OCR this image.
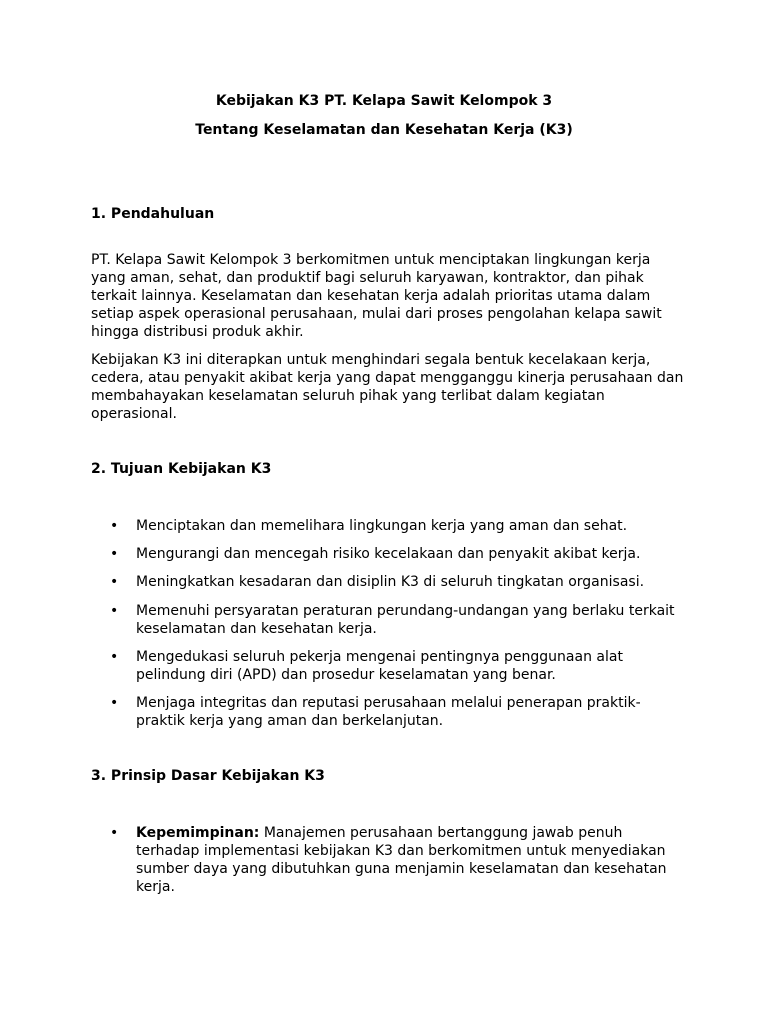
Kebijakan K3 PT. Kelapa Sawit Kelompok 3

Tentang Keselamatan dan Kesehatan Kerja (K3)

1. Pendahuluan

PT. Kelapa Sawit Kelompok 3 berkomitmen untuk menciptakan lingkungan kerja
yang aman, sehat, dan produktif bagi seluruh karyawan, kontraktor, dan pihak
terkait lainnya. Keselamatan dan kesehatan kerja adalah prioritas utama dalam
setiap aspek operasional perusahaan, mulai dari proses pengolahan kelapa sawit
hingga distribusi produk akhir.
Kebijakan K3 ini diterapkan untuk menghindari segala bentuk kecelakaan kerja,
cedera, atau penyakit akibat kerja yang dapat mengganggu kinerja perusahaan dan
membahayakan keselamatan seluruh pihak yang terlibat dalam kegiatan
operasional.

2. Tujuan Kebijakan K3

• Menciptakan dan memelihara lingkungan kerja yang aman dan sehat.
• Mengurangi dan mencegah risiko kecelakaan dan penyakit akibat kerja.
• Meningkatkan kesadaran dan disiplin K3 di seluruh tingkatan organisasi.
• Memenuhi persyaratan peraturan perundang-undangan yang berlaku terkait
keselamatan dan kesehatan kerja.
• Mengedukasi seluruh pekerja mengenai pentingnya penggunaan alat
pelindung diri (APD) dan prosedur keselamatan yang benar.
• Menjaga integritas dan reputasi perusahaan melalui penerapan praktik-
praktik kerja yang aman dan berkelanjutan.

3. Prinsip Dasar Kebijakan K3

• Kepemimpinan: Manajemen perusahaan bertanggung jawab penuh
terhadap implementasi kebijakan K3 dan berkomitmen untuk menyediakan
sumber daya yang dibutuhkan guna menjamin keselamatan dan kesehatan
kerja.
